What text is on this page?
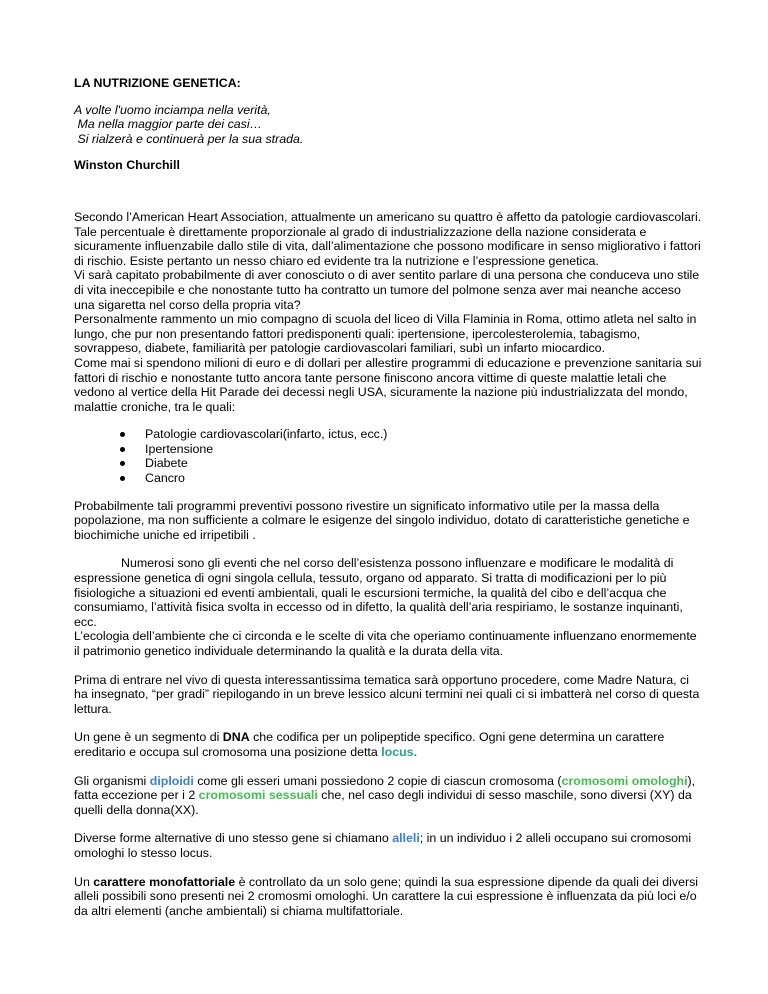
LA NUTRIZIONE GENETICA:
A volte l'uomo inciampa nella verità,
Ma nella maggior parte dei casi…
Si rialzerà e continuerà per la sua strada.
Winston Churchill

Secondo l’American Heart Association, attualmente un americano su quattro è affetto da patologie cardiovascolari. Tale percentuale è direttamente proporzionale al grado di industrializzazione della nazione considerata e sicuramente influenzabile dallo stile di vita, dall’alimentazione che possono modificare in senso migliorativo i fattori di rischio. Esiste pertanto un nesso chiaro ed evidente tra la nutrizione e l’espressione genetica.

Vi sarà capitato probabilmente di aver conosciuto o di aver sentito parlare di una persona che conduceva uno stile di vita ineccepibile e che nonostante tutto ha contratto un tumore del polmone senza aver mai neanche acceso una sigaretta nel corso della propria vita?

Personalmente rammento un mio compagno di scuola del liceo di Villa Flaminia in Roma, ottimo atleta nel salto in lungo, che pur non presentando fattori predisponenti quali: ipertensione, ipercolesterolemia, tabagismo, sovrappeso, diabete, familiarità per patologie cardiovascolari familiari, subì un infarto miocardico.

Come mai si spendono milioni di euro e di dollari per allestire programmi di educazione e prevenzione sanitaria sui fattori di rischio e nonostante tutto ancora tante persone finiscono ancora vittime di queste malattie letali che vedono al vertice della Hit Parade dei decessi negli USA, sicuramente la nazione più industrializzata del mondo, malattie croniche, tra le quali:

Patologie cardiovascolari(infarto, ictus, ecc.)
Ipertensione
Diabete
Cancro

Probabilmente tali programmi preventivi possono rivestire un significato informativo utile per la massa della popolazione, ma non sufficiente a colmare le esigenze del singolo individuo, dotato di caratteristiche genetiche e biochimiche uniche ed irripetibili .

Numerosi sono gli eventi che nel corso dell’esistenza possono influenzare e modificare le modalità di espressione genetica di ogni singola cellula, tessuto, organo od apparato. Si tratta di modificazioni per lo più fisiologiche a situazioni ed eventi ambientali, quali le escursioni termiche, la qualità del cibo e dell’acqua che consumiamo, l’attività fisica svolta in eccesso od in difetto, la qualità dell’aria respiriamo, le sostanze inquinanti, ecc.

L’ecologia dell’ambiente che ci circonda e le scelte di vita che operiamo continuamente influenzano enormemente il patrimonio genetico individuale determinando la qualità e la durata della vita.

Prima di entrare nel vivo di questa interessantissima tematica sarà opportuno procedere, come Madre Natura, ci ha insegnato, “per gradi” riepilogando in un breve lessico alcuni termini nei quali ci si imbatterà nel corso di questa lettura.

Un gene è un segmento di DNA che codifica per un polipeptide specifico. Ogni gene determina un carattere ereditario e occupa sul cromosoma una posizione detta locus.

Gli organismi diploidi come gli esseri umani possiedono 2 copie di ciascun cromosoma (cromosomi omologhi), fatta eccezione per i 2 cromosomi sessuali che, nel caso degli individui di sesso maschile, sono diversi (XY) da quelli della donna(XX).

Diverse forme alternative di uno stesso gene si chiamano alleli; in un individuo i 2 alleli occupano sui cromosomi omologhi lo stesso locus.

Un carattere monofattoriale è controllato da un solo gene; quindi la sua espressione dipende da quali dei diversi alleli possibili sono presenti nei 2 cromosmi omologhi. Un carattere la cui espressione è influenzata da più loci e/o da altri elementi (anche ambientali) si chiama multifattoriale.
